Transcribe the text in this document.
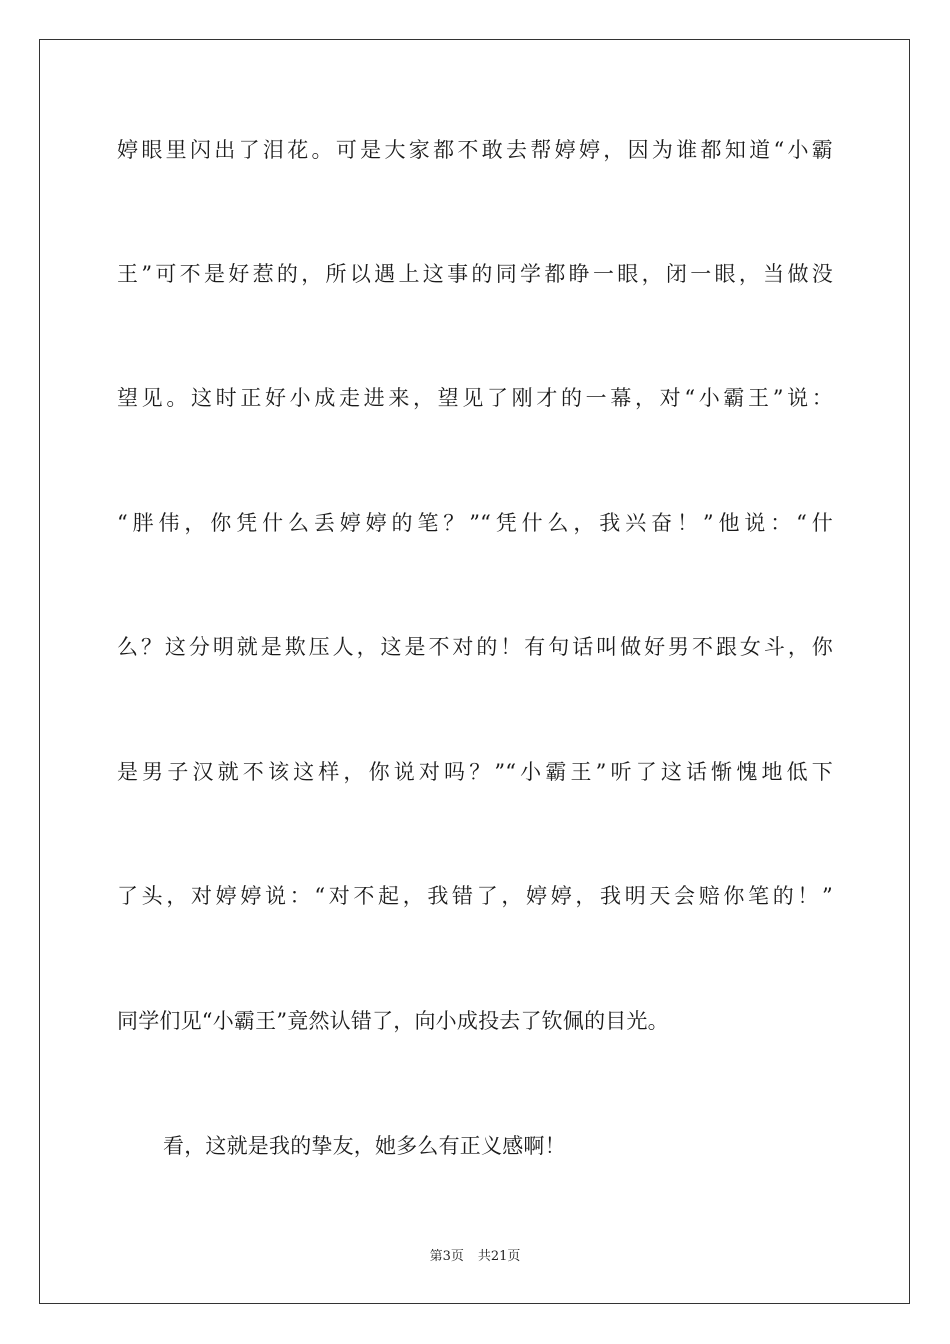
婷眼里闪出了泪花。可是大家都不敢去帮婷婷，因为谁都知道“小霸
王”可不是好惹的，所以遇上这事的同学都睁一眼，闭一眼，当做没
望见。这时正好小成走进来，望见了刚才的一幕，对“小霸王”说：
“胖伟，你凭什么丢婷婷的笔？”“凭什么，我兴奋！”他说：“什
么？这分明就是欺压人，这是不对的！有句话叫做好男不跟女斗，你
是男子汉就不该这样，你说对吗？”“小霸王”听了这话惭愧地低下
了头，对婷婷说：“对不起，我错了，婷婷，我明天会赔你笔的！”
同学们见“小霸王”竟然认错了，向小成投去了钦佩的目光。
看，这就是我的挚友，她多么有正义感啊！
第3页 共21页
